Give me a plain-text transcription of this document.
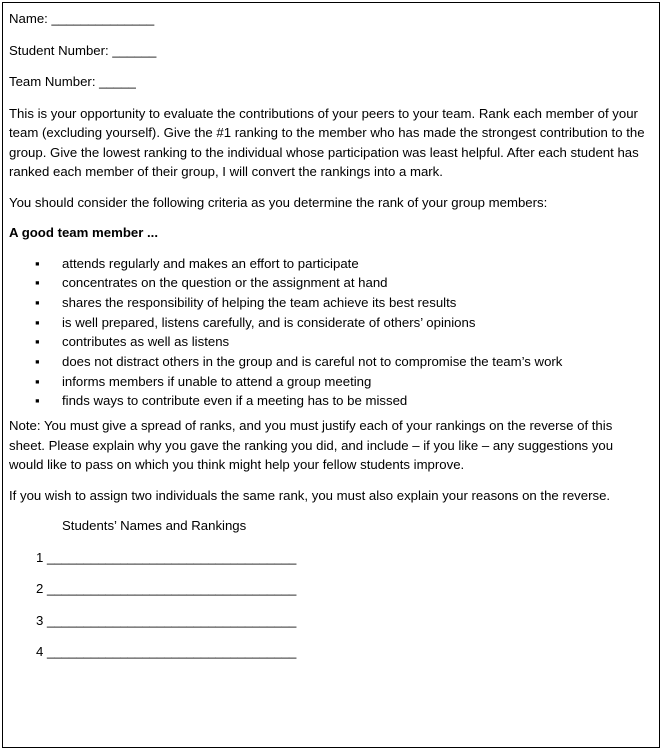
Name: ______________

Student Number: ______

Team Number: _____

This is your opportunity to evaluate the contributions of your peers to your team. Rank each member of your team (excluding yourself). Give the #1 ranking to the member who has made the strongest contribution to the group. Give the lowest ranking to the individual whose participation was least helpful. After each student has ranked each member of their group, I will convert the rankings into a mark.

You should consider the following criteria as you determine the rank of your group members:

A good team member ...

▪ attends regularly and makes an effort to participate
▪ concentrates on the question or the assignment at hand
▪ shares the responsibility of helping the team achieve its best results
▪ is well prepared, listens carefully, and is considerate of others’ opinions
▪ contributes as well as listens
▪ does not distract others in the group and is careful not to compromise the team’s work
▪ informs members if unable to attend a group meeting
▪ finds ways to contribute even if a meeting has to be missed

Note: You must give a spread of ranks, and you must justify each of your rankings on the reverse of this sheet. Please explain why you gave the ranking you did, and include – if you like – any suggestions you would like to pass on which you think might help your fellow students improve.

If you wish to assign two individuals the same rank, you must also explain your reasons on the reverse.

Students’ Names and Rankings

1 __________________________________

2 __________________________________

3 __________________________________

4 __________________________________
